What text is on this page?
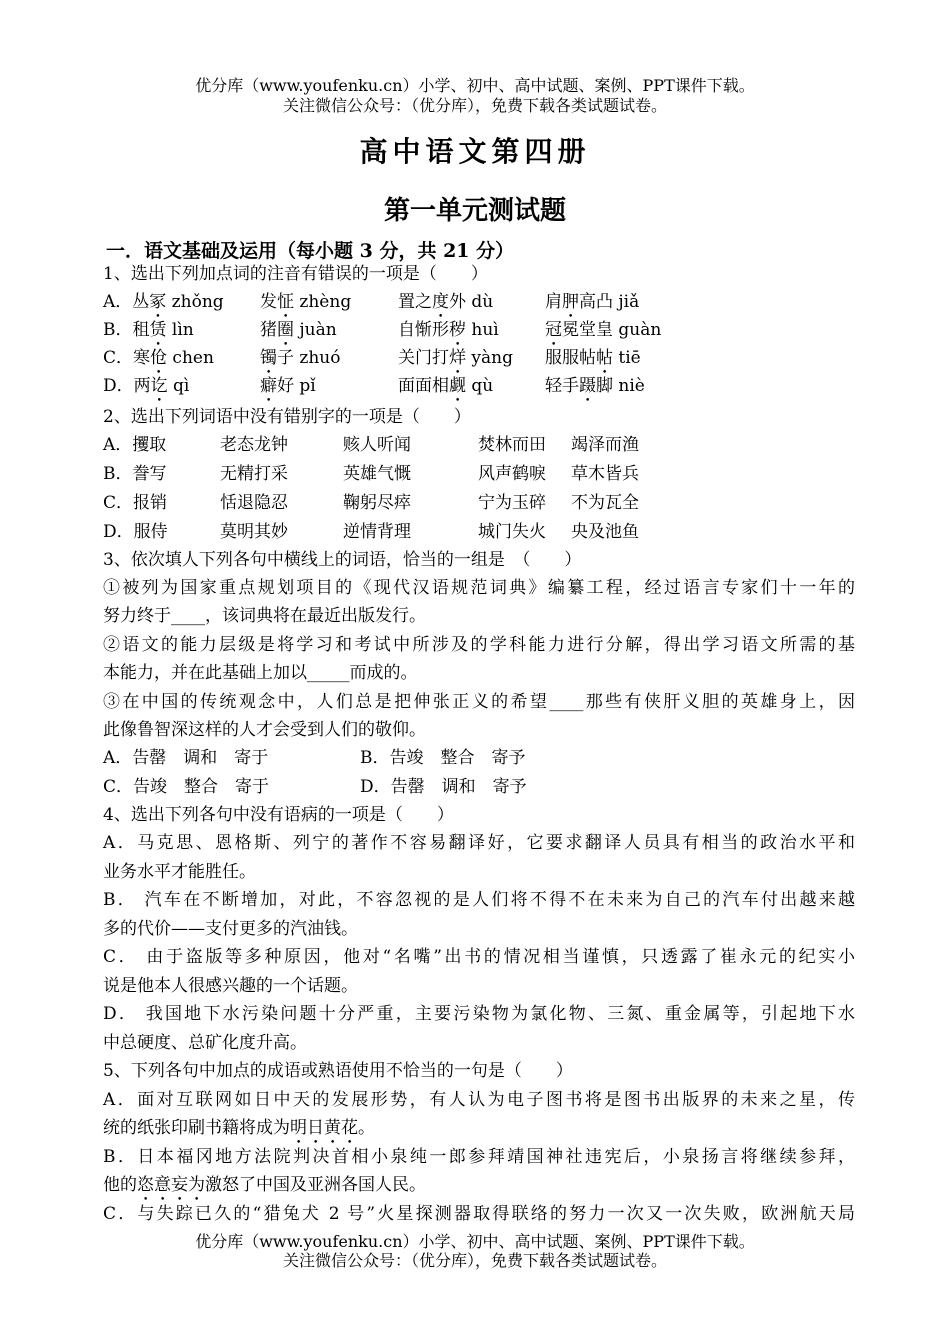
优分库（www.youfenku.cn）小学、初中、高中试题、案例、PPT课件下载。
关注微信公众号：（优分库），免费下载各类试题试卷。
高中语文第四册
第一单元测试题
一．语文基础及运用（每小题 3 分，共 21 分）
1、选出下列加点词的注音有错误的一项是（　　）
A．丛冢 zhǒng 发怔 zhèng	置之度外 dù	肩胛高凸 jiǎ
B．租赁 lìn	猪圈 juàn	自惭形秽 huì	冠冕堂皇 guàn
C．寒伧 chen	镯子 zhuó	关门打烊 yàng 服服帖帖 tiē
D．两讫 qì	癖好 pǐ	面面相觑 qù	轻手蹑脚 niè
2、选出下列词语中没有错别字的一项是（　　）
A．攫取	老态龙钟	赅人听闻	焚林而田 竭泽而渔
B．誊写	无精打采	英雄气慨	风声鹤唳 草木皆兵
C．报销	恬退隐忍	鞠躬尽瘁	宁为玉碎 不为瓦全
D．服侍	莫明其妙	逆情背理	城门失火 央及池鱼
3、依次填人下列各句中横线上的词语，恰当的一组是　（　　）
①被列为国家重点规划项目的《现代汉语规范词典》编纂工程，经过语言专家们十一年的
努力终于____，该词典将在最近出版发行。
②语文的能力层级是将学习和考试中所涉及的学科能力进行分解，得出学习语文所需的基
本能力，并在此基础上加以_____而成的。
③在中国的传统观念中，人们总是把伸张正义的希望____那些有侠肝义胆的英雄身上，因
此像鲁智深这样的人才会受到人们的敬仰。
A．告罄　调和　寄于	B．告竣　整合　寄予
C．告竣　整合　寄于	D．告罄　调和　寄予
4、选出下列各句中没有语病的一项是（　　）
A．马克思、恩格斯、列宁的著作不容易翻译好，它要求翻译人员具有相当的政治水平和
业务水平才能胜任。
B． 汽车在不断增加，对此，不容忽视的是人们将不得不在未来为自己的汽车付出越来越
多的代价——支付更多的汽油钱。
C． 由于盗版等多种原因，他对“名嘴”出书的情况相当谨慎，只透露了崔永元的纪实小
说是他本人很感兴趣的一个话题。
D． 我国地下水污染问题十分严重，主要污染物为氯化物、三氮、重金属等，引起地下水
中总硬度、总矿化度升高。
5、下列各句中加点的成语或熟语使用不恰当的一句是（　　）
A．面对互联网如日中天的发展形势，有人认为电子图书将是图书出版界的未来之星，传
统的纸张印刷书籍将成为明日黄花。
B．日本福冈地方法院判决首相小泉纯一郎参拜靖国神社违宪后，小泉扬言将继续参拜，
他的恣意妄为激怒了中国及亚洲各国人民。
C．与失踪已久的“猎兔犬 2 号”火星探测器取得联络的努力一次又一次失败，欧洲航天局
优分库（www.youfenku.cn）小学、初中、高中试题、案例、PPT课件下载。
关注微信公众号：（优分库），免费下载各类试题试卷。
